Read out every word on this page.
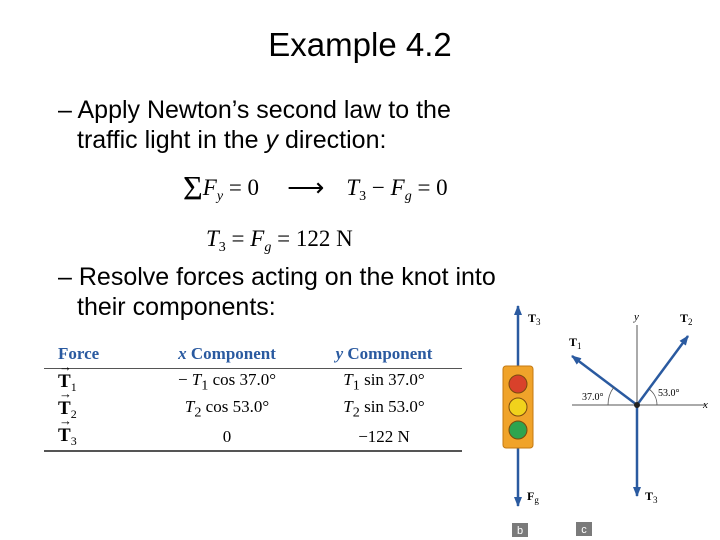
Example 4.2
– Apply Newton’s second law to the
traffic light in the y direction:
$\Sigma F_y = 0$ ⟶ $T_3 - F_g = 0$
$T_3 = F_g = 122$ N
– Resolve forces acting on the knot into
their components:
Force	x Component	y Component
→ $T_1$	− $T_1$ cos 37.0°	$T_1$ sin 37.0°
→ $T_2$	$T_2$ cos 53.0°	$T_2$ sin 53.0°
→ $T_3$	0	−122 N
$T_3$
$F_g$
b
y
x
37.0°	53.0°
$T_1$
$T_2$
$T_3$
c
